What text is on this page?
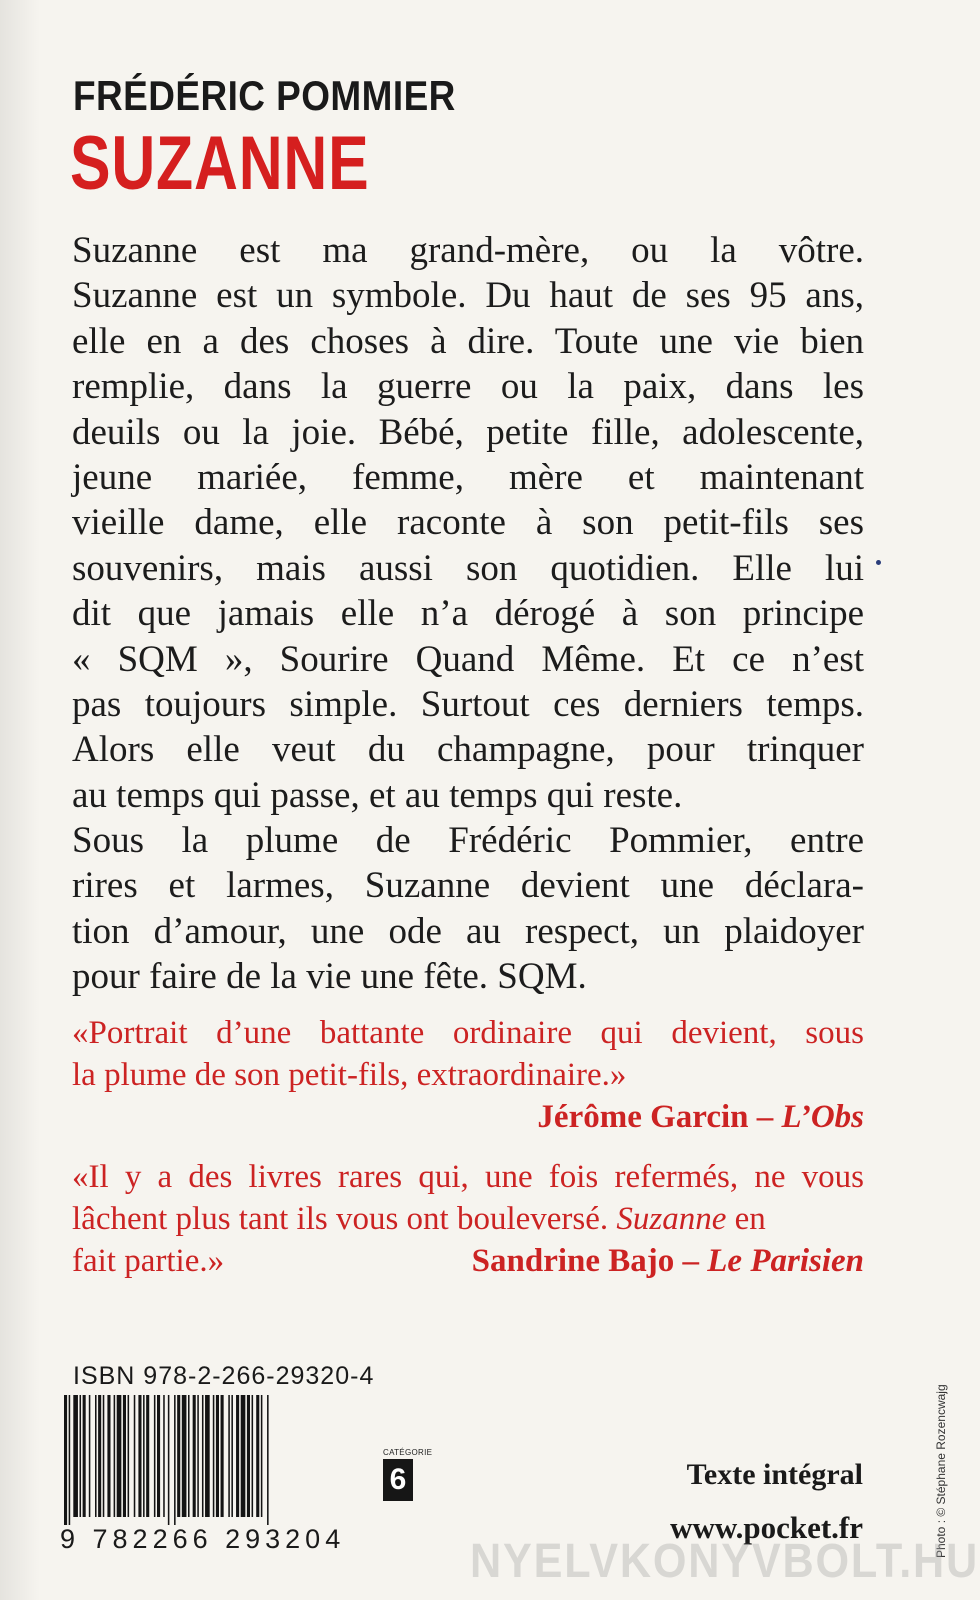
FRÉDÉRIC POMMIER
SUZANNE
Suzanne est ma grand-mère, ou la vôtre.
Suzanne est un symbole. Du haut de ses 95 ans,
elle en a des choses à dire. Toute une vie bien
remplie, dans la guerre ou la paix, dans les
deuils ou la joie. Bébé, petite fille, adolescente,
jeune mariée, femme, mère et maintenant
vieille dame, elle raconte à son petit-fils ses
souvenirs, mais aussi son quotidien. Elle lui
dit que jamais elle n’a dérogé à son principe
« SQM », Sourire Quand Même. Et ce n’est
pas toujours simple. Surtout ces derniers temps.
Alors elle veut du champagne, pour trinquer
au temps qui passe, et au temps qui reste.
Sous la plume de Frédéric Pommier, entre
rires et larmes, Suzanne devient une déclara-
tion d’amour, une ode au respect, un plaidoyer
pour faire de la vie une fête. SQM.
«Portrait d’une battante ordinaire qui devient, sous
la plume de son petit-fils, extraordinaire.»
Jérôme Garcin – L’Obs
«Il y a des livres rares qui, une fois refermés, ne vous
lâchent plus tant ils vous ont bouleversé. Suzanne en
fait partie.»	Sandrine Bajo – Le Parisien
ISBN 978-2-266-29320-4
9 782266 293204
CATÉGORIE
6	Texte intégral
www.pocket.fr	Photo : © Stéphane Rozencwajg
NYELVKONYVBOLT.HU
